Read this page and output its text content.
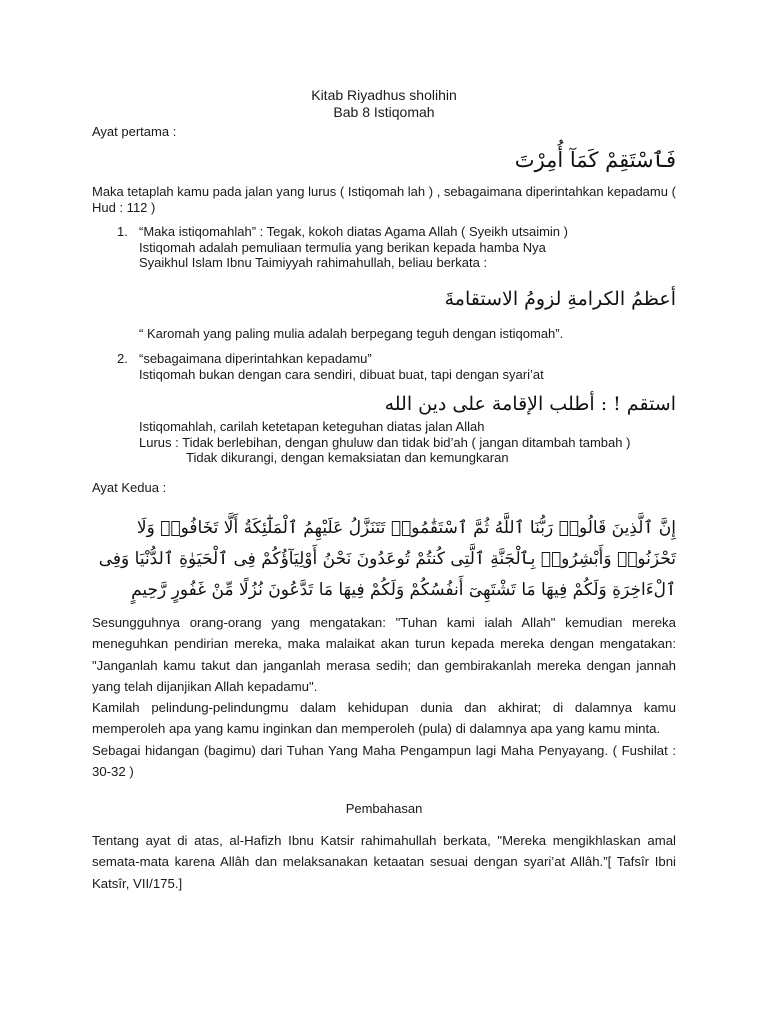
Kitab Riyadhus sholihin
Bab 8 Istiqomah
Ayat pertama :
فَٱسْتَقِمْ كَمَآ أُمِرْتَ
Maka tetaplah kamu pada jalan yang lurus ( Istiqomah lah ) , sebagaimana diperintahkan kepadamu ( Hud : 112 )
1. “Maka istiqomahlah” : Tegak, kokoh diatas Agama Allah ( Syeikh utsaimin )
Istiqomah adalah pemuliaan termulia yang berikan kepada hamba Nya
Syaikhul Islam Ibnu Taimiyyah rahimahullah, beliau berkata :
أعظمُ الكرامةِ لزومُ الاستقامةَ
“ Karomah yang paling mulia adalah berpegang teguh dengan istiqomah”.
2. “sebagaimana diperintahkan kepadamu”
Istiqomah bukan dengan cara sendiri, dibuat buat, tapi dengan syari’at
استقم ! : أطلب الإقامة على دين الله
Istiqomahlah, carilah ketetapan keteguhan diatas jalan Allah
Lurus : Tidak berlebihan, dengan ghuluw dan tidak bid’ah ( jangan ditambah tambah )
Tidak dikurangi, dengan kemaksiatan dan kemungkaran
Ayat Kedua :
إِنَّ ٱلَّذِينَ قَالُوا۟ رَبُّنَا ٱللَّهُ ثُمَّ ٱسْتَقَٰمُوا۟ تَتَنَزَّلُ عَلَيْهِمُ ٱلْمَلَٰٓئِكَةُ أَلَّا تَخَافُوا۟ وَلَا تَحْزَنُوا۟ وَأَبْشِرُوا۟ بِٱلْجَنَّةِ ٱلَّتِى كُنتُمْ تُوعَدُونَ نَحْنُ أَوْلِيَآؤُكُمْ فِى ٱلْحَيَوٰةِ ٱلدُّنْيَا وَفِى ٱلْءَاخِرَةِ وَلَكُمْ فِيهَا مَا تَشْتَهِىٓ أَنفُسُكُمْ وَلَكُمْ فِيهَا مَا تَدَّعُونَ نُزُلًا مِّنْ غَفُورٍ رَّحِيمٍ
Sesungguhnya orang-orang yang mengatakan: "Tuhan kami ialah Allah" kemudian mereka meneguhkan pendirian mereka, maka malaikat akan turun kepada mereka dengan mengatakan: "Janganlah kamu takut dan janganlah merasa sedih; dan gembirakanlah mereka dengan jannah yang telah dijanjikan Allah kepadamu".
Kamilah pelindung-pelindungmu dalam kehidupan dunia dan akhirat; di dalamnya kamu memperoleh apa yang kamu inginkan dan memperoleh (pula) di dalamnya apa yang kamu minta.
Sebagai hidangan (bagimu) dari Tuhan Yang Maha Pengampun lagi Maha Penyayang. ( Fushilat : 30-32 )
Pembahasan
Tentang ayat di atas, al-Hafizh Ibnu Katsir rahimahullah berkata, "Mereka mengikhlaskan amal semata-mata karena Allâh dan melaksanakan ketaatan sesuai dengan syari’at Allâh.”[ Tafsîr Ibni Katsîr, VII/175.]
